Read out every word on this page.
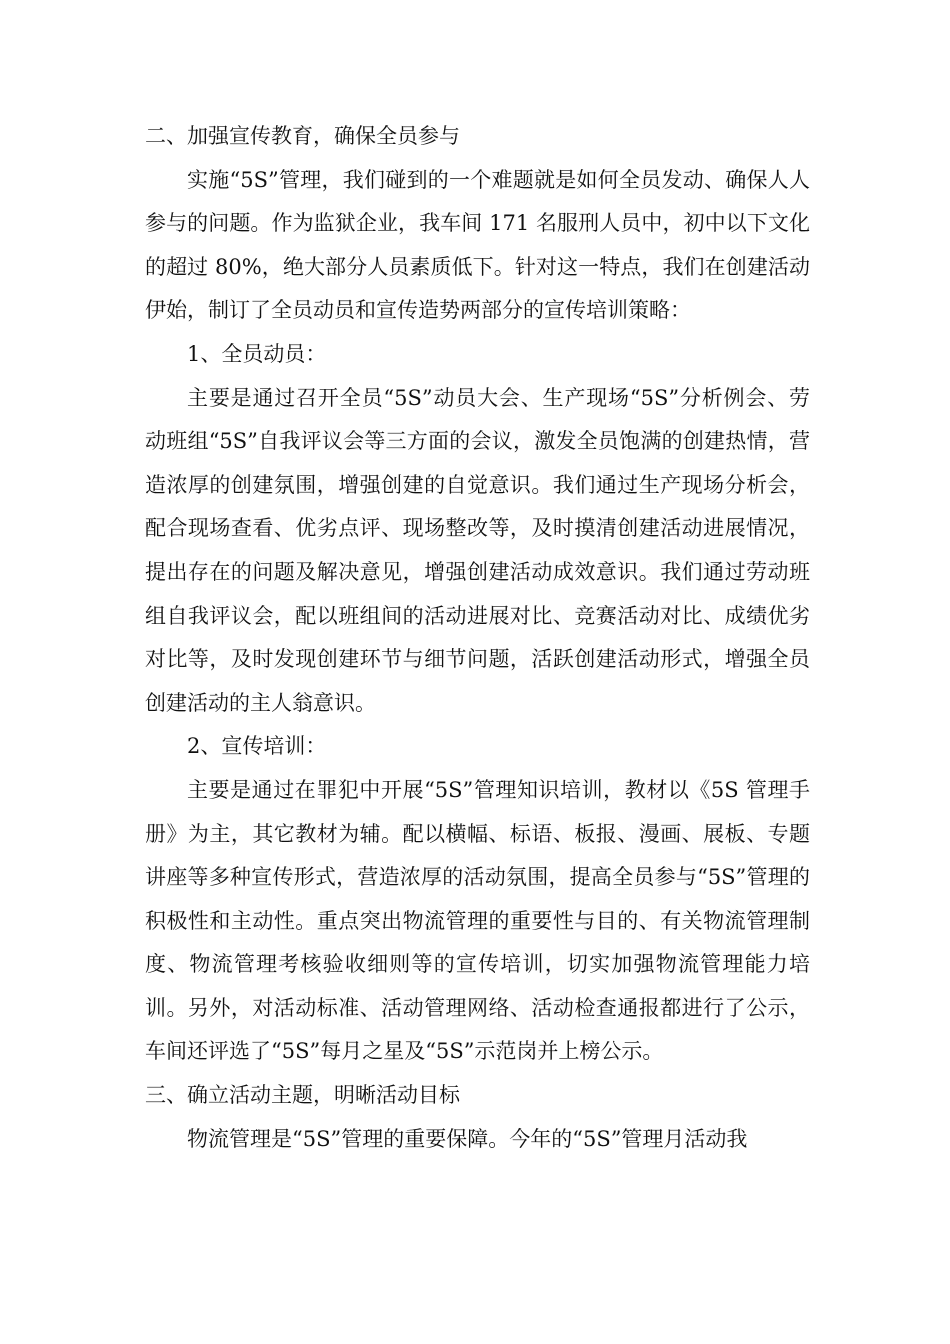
二、加强宣传教育，确保全员参与

实施“5S”管理，我们碰到的一个难题就是如何全员发动、确保人人参与的问题。作为监狱企业，我车间 171 名服刑人员中，初中以下文化的超过 80%，绝大部分人员素质低下。针对这一特点，我们在创建活动伊始，制订了全员动员和宣传造势两部分的宣传培训策略：

1、全员动员：

主要是通过召开全员“5S”动员大会、生产现场“5S”分析例会、劳动班组“5S”自我评议会等三方面的会议，激发全员饱满的创建热情，营造浓厚的创建氛围，增强创建的自觉意识。我们通过生产现场分析会，配合现场查看、优劣点评、现场整改等，及时摸清创建活动进展情况，提出存在的问题及解决意见，增强创建活动成效意识。我们通过劳动班组自我评议会，配以班组间的活动进展对比、竞赛活动对比、成绩优劣对比等，及时发现创建环节与细节问题，活跃创建活动形式，增强全员创建活动的主人翁意识。

2、宣传培训：

主要是通过在罪犯中开展“5S”管理知识培训，教材以《5S 管理手册》为主，其它教材为辅。配以横幅、标语、板报、漫画、展板、专题讲座等多种宣传形式，营造浓厚的活动氛围，提高全员参与“5S”管理的积极性和主动性。重点突出物流管理的重要性与目的、有关物流管理制度、物流管理考核验收细则等的宣传培训，切实加强物流管理能力培训。另外，对活动标准、活动管理网络、活动检查通报都进行了公示，车间还评选了“5S”每月之星及“5S”示范岗并上榜公示。

三、确立活动主题，明晰活动目标

物流管理是“5S”管理的重要保障。今年的“5S”管理月活动我
